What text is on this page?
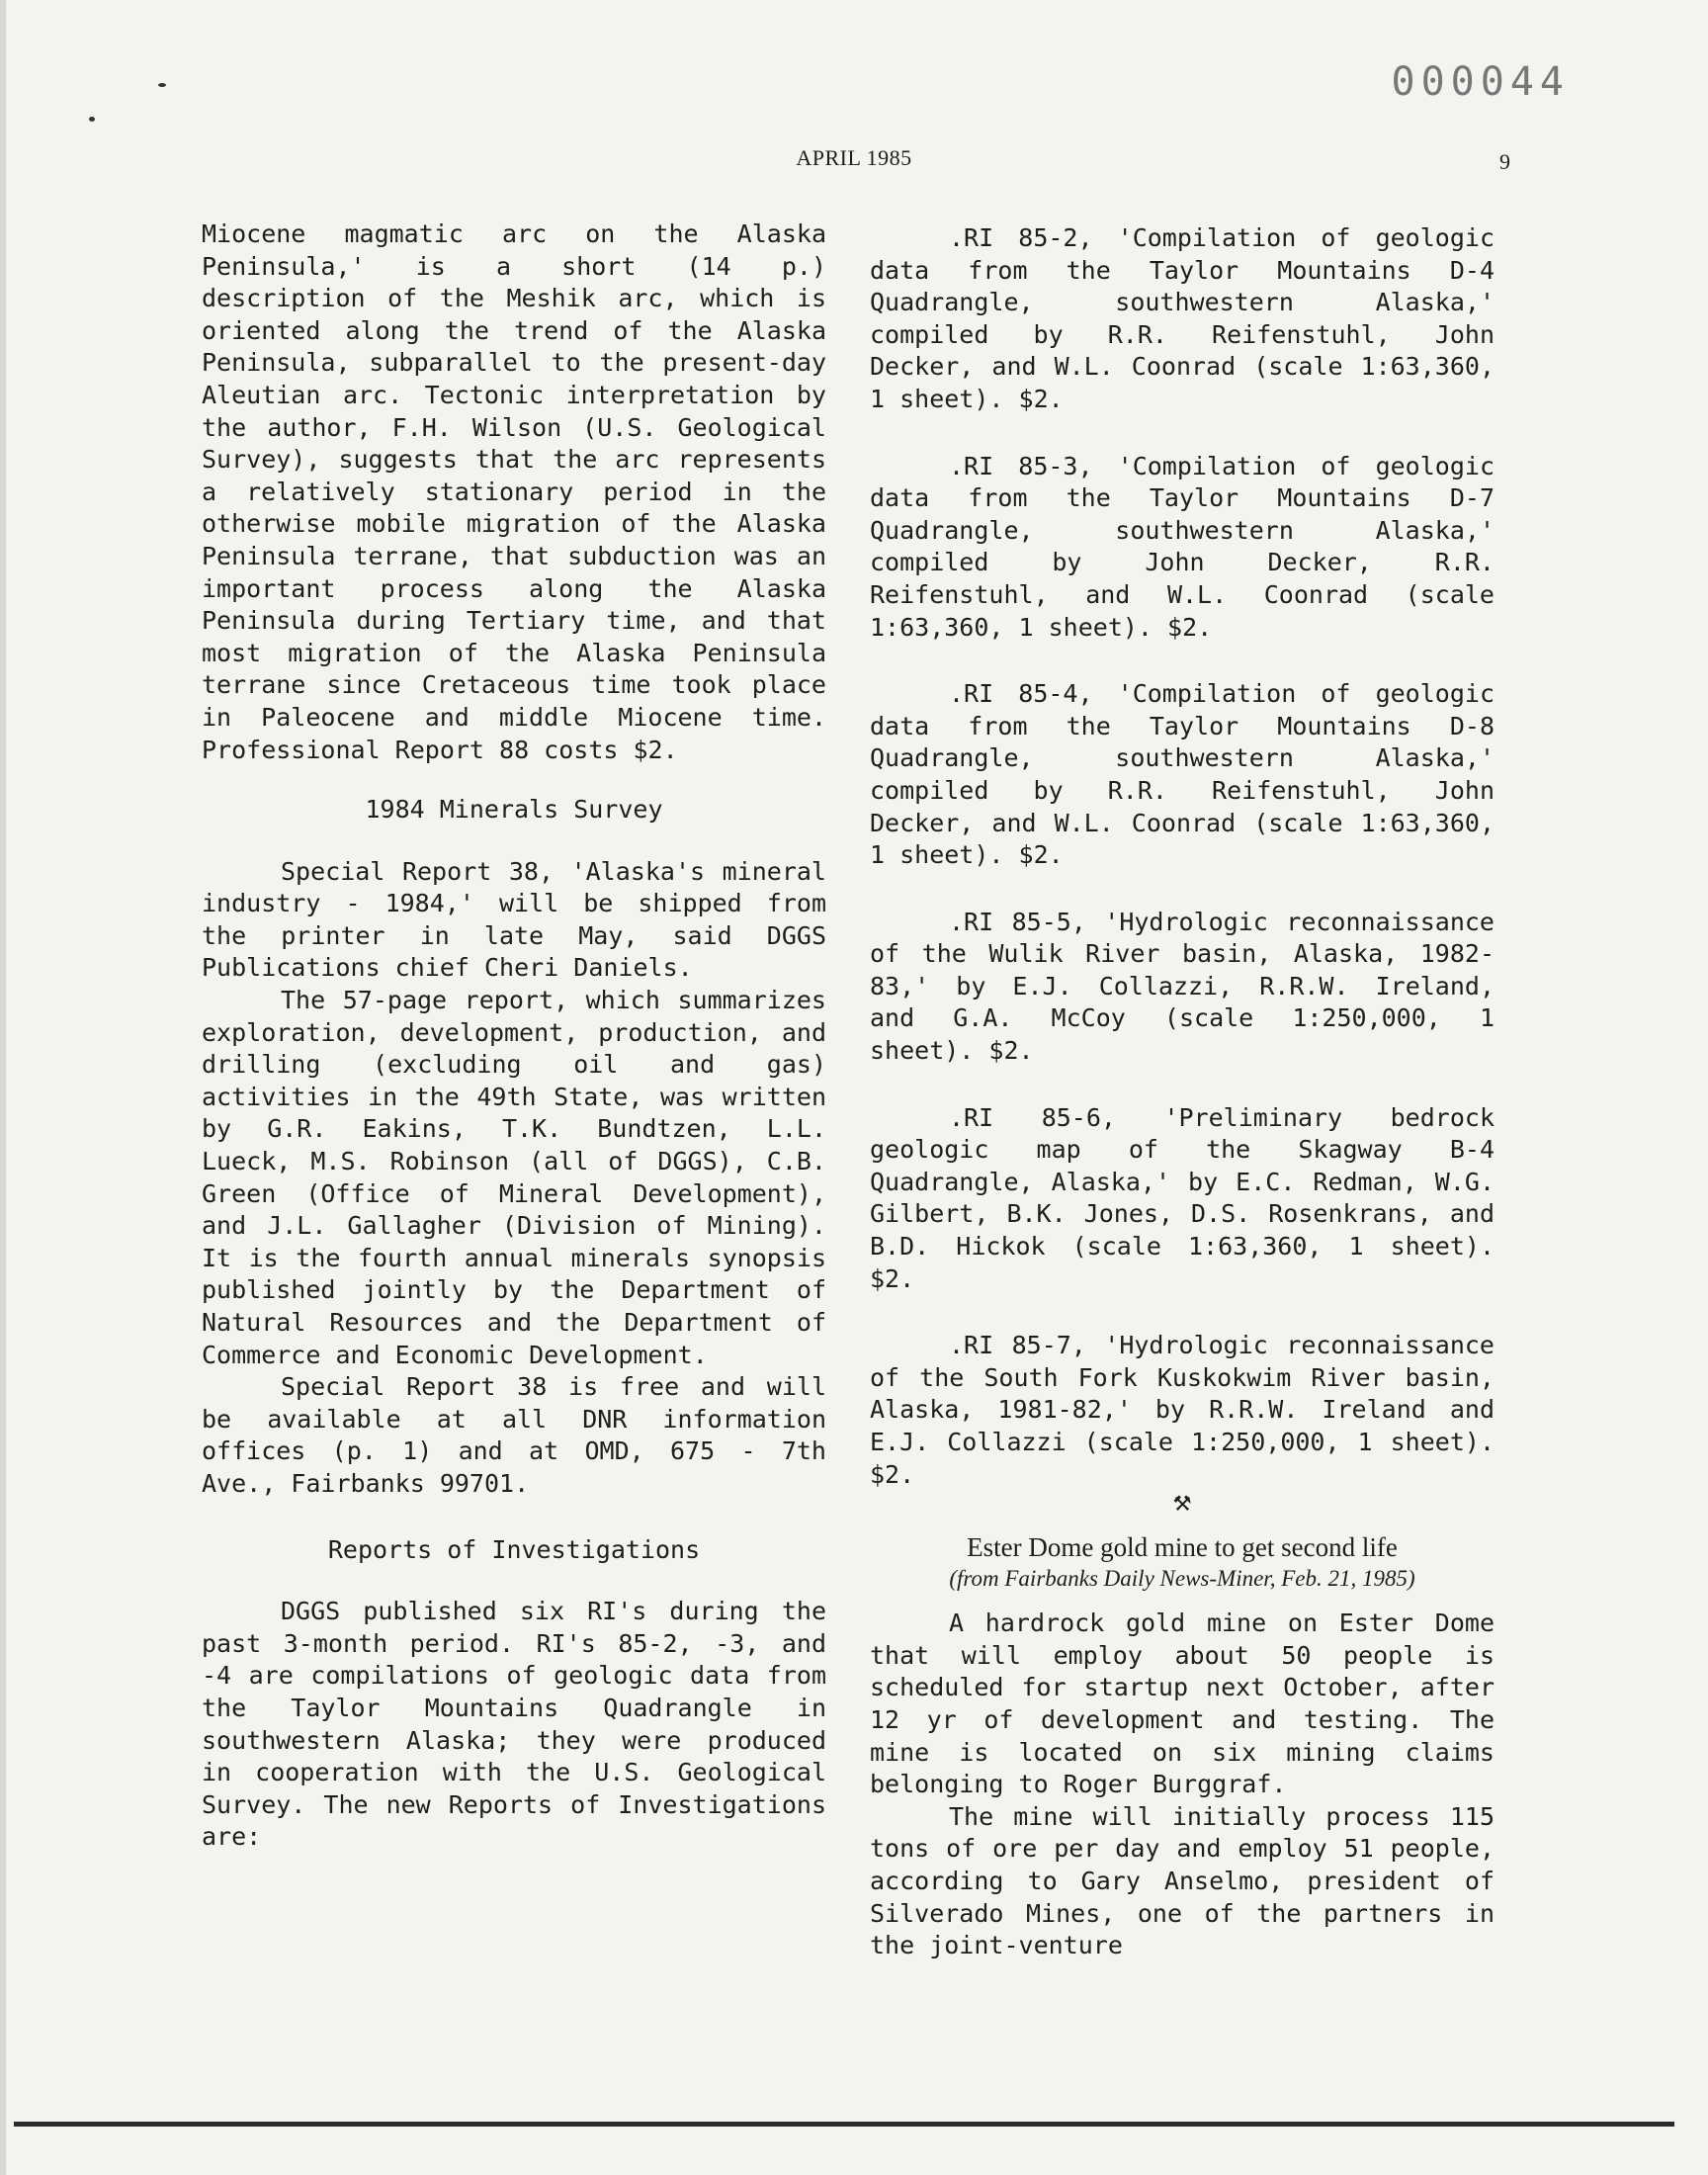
000044
APRIL 1985	9

Miocene magmatic arc on the Alaska Peninsula,' is a short (14 p.) description of the Meshik arc, which is oriented along the trend of the Alaska Peninsula, subparallel to the present-day Aleutian arc. Tectonic interpretation by the author, F.H. Wilson (U.S. Geological Survey), suggests that the arc represents a relatively stationary period in the otherwise mobile migration of the Alaska Peninsula terrane, that subduction was an important process along the Alaska Peninsula during Tertiary time, and that most migration of the Alaska Peninsula terrane since Cretaceous time took place in Paleocene and middle Miocene time. Professional Report 88 costs $2.

1984 Minerals Survey

Special Report 38, 'Alaska's mineral industry - 1984,' will be shipped from the printer in late May, said DGGS Publications chief Cheri Daniels.

The 57-page report, which summarizes exploration, development, production, and drilling (excluding oil and gas) activities in the 49th State, was written by G.R. Eakins, T.K. Bundtzen, L.L. Lueck, M.S. Robinson (all of DGGS), C.B. Green (Office of Mineral Development), and J.L. Gallagher (Division of Mining). It is the fourth annual minerals synopsis published jointly by the Department of Natural Resources and the Department of Commerce and Economic Development.

Special Report 38 is free and will be available at all DNR information offices (p. 1) and at OMD, 675 - 7th Ave., Fairbanks 99701.

Reports of Investigations

DGGS published six RI's during the past 3-month period. RI's 85-2, -3, and -4 are compilations of geologic data from the Taylor Mountains Quadrangle in southwestern Alaska; they were produced in cooperation with the U.S. Geological Survey. The new Reports of Investigations are:

.RI 85-2, 'Compilation of geologic data from the Taylor Mountains D-4 Quadrangle, southwestern Alaska,' compiled by R.R. Reifenstuhl, John Decker, and W.L. Coonrad (scale 1:63,360, 1 sheet). $2.

.RI 85-3, 'Compilation of geologic data from the Taylor Mountains D-7 Quadrangle, southwestern Alaska,' compiled by John Decker, R.R. Reifenstuhl, and W.L. Coonrad (scale 1:63,360, 1 sheet). $2.

.RI 85-4, 'Compilation of geologic data from the Taylor Mountains D-8 Quadrangle, southwestern Alaska,' compiled by R.R. Reifenstuhl, John Decker, and W.L. Coonrad (scale 1:63,360, 1 sheet). $2.

.RI 85-5, 'Hydrologic reconnaissance of the Wulik River basin, Alaska, 1982-83,' by E.J. Collazzi, R.R.W. Ireland, and G.A. McCoy (scale 1:250,000, 1 sheet). $2.

.RI 85-6, 'Preliminary bedrock geologic map of the Skagway B-4 Quadrangle, Alaska,' by E.C. Redman, W.G. Gilbert, B.K. Jones, D.S. Rosenkrans, and B.D. Hickok (scale 1:63,360, 1 sheet). $2.

.RI 85-7, 'Hydrologic reconnaissance of the South Fork Kuskokwim River basin, Alaska, 1981-82,' by R.R.W. Ireland and E.J. Collazzi (scale 1:250,000, 1 sheet). $2.

⚒
Ester Dome gold mine to get second life
(from Fairbanks Daily News-Miner, Feb. 21, 1985)

A hardrock gold mine on Ester Dome that will employ about 50 people is scheduled for startup next October, after 12 yr of development and testing. The mine is located on six mining claims belonging to Roger Burggraf.

The mine will initially process 115 tons of ore per day and employ 51 people, according to Gary Anselmo, president of Silverado Mines, one of the partners in the joint-venture
